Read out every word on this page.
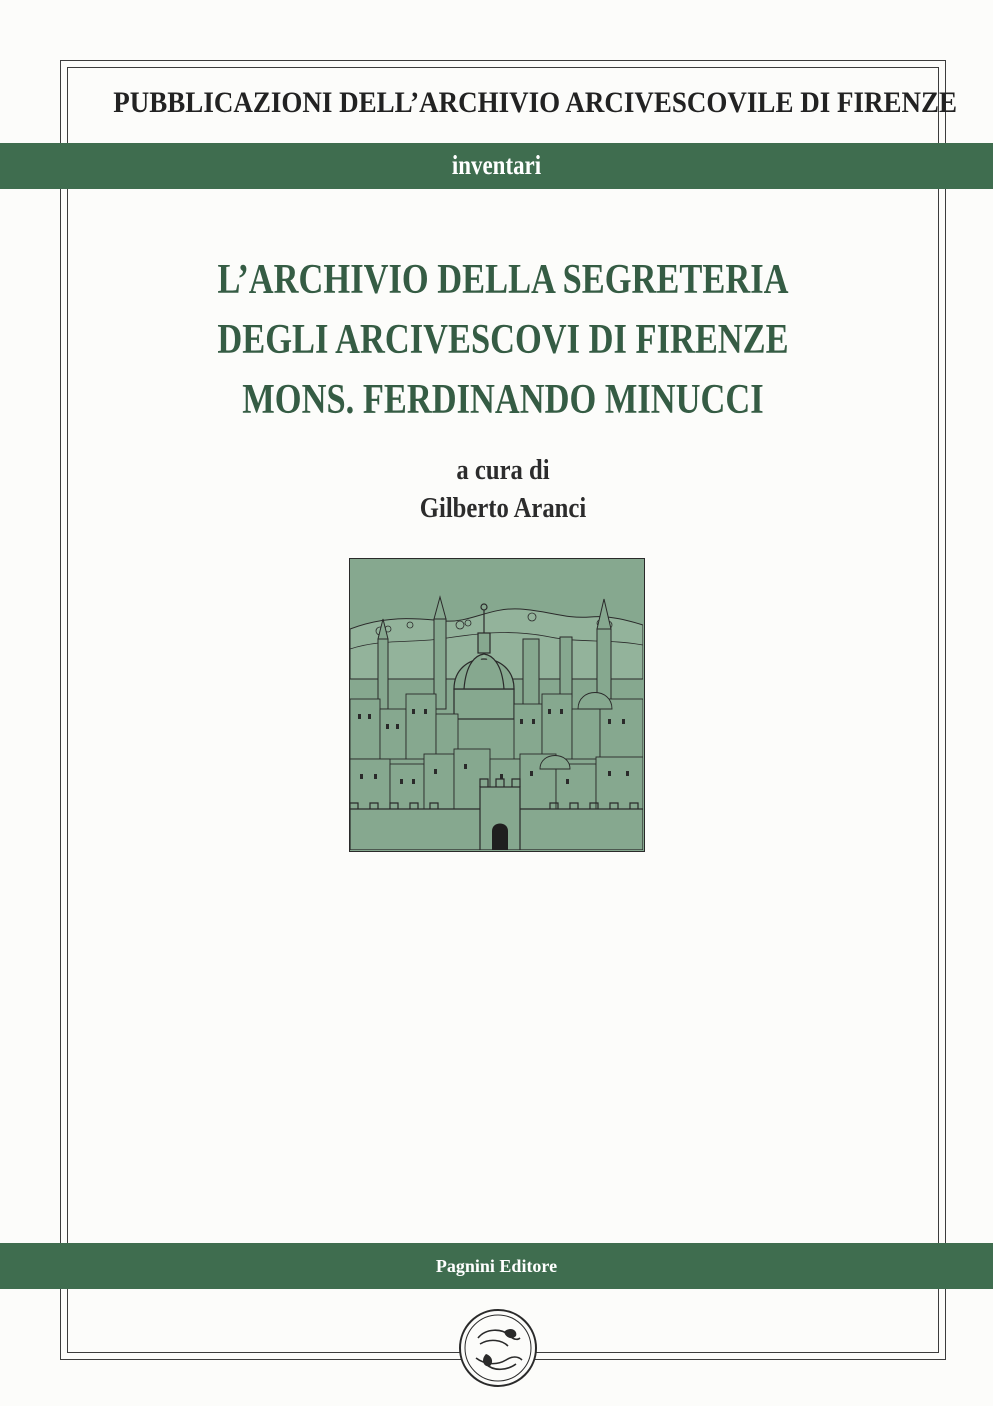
PUBBLICAZIONI DELL’ARCHIVIO ARCIVESCOVILE DI FIRENZE
inventari
L’ARCHIVIO DELLA SEGRETERIA
DEGLI ARCIVESCOVI DI FIRENZE
MONS. FERDINANDO MINUCCI
a cura di
Gilberto Aranci
Pagnini Editore
